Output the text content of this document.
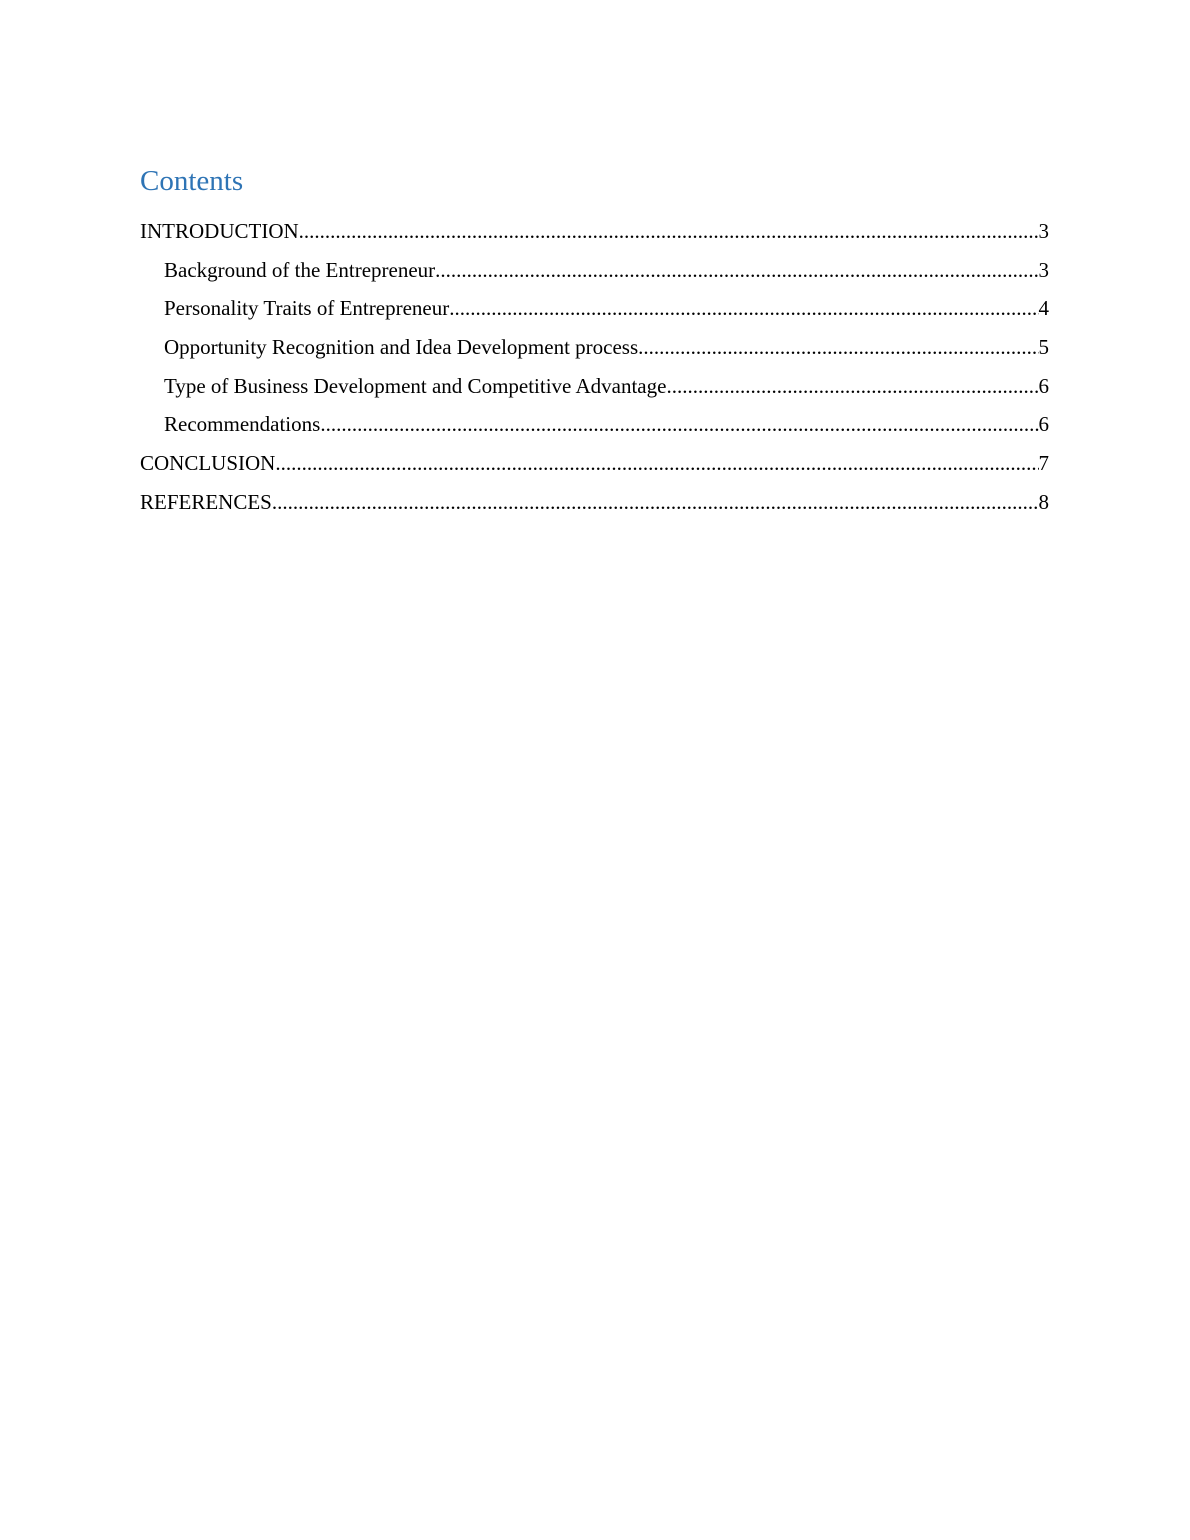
Contents
INTRODUCTION .....	3
Background of the Entrepreneur .....	3
Personality Traits of Entrepreneur .....	4
Opportunity Recognition and Idea Development process .....	5
Type of Business Development and Competitive Advantage .....	6
Recommendations .....	6
CONCLUSION .....	7
REFERENCES .....	8
